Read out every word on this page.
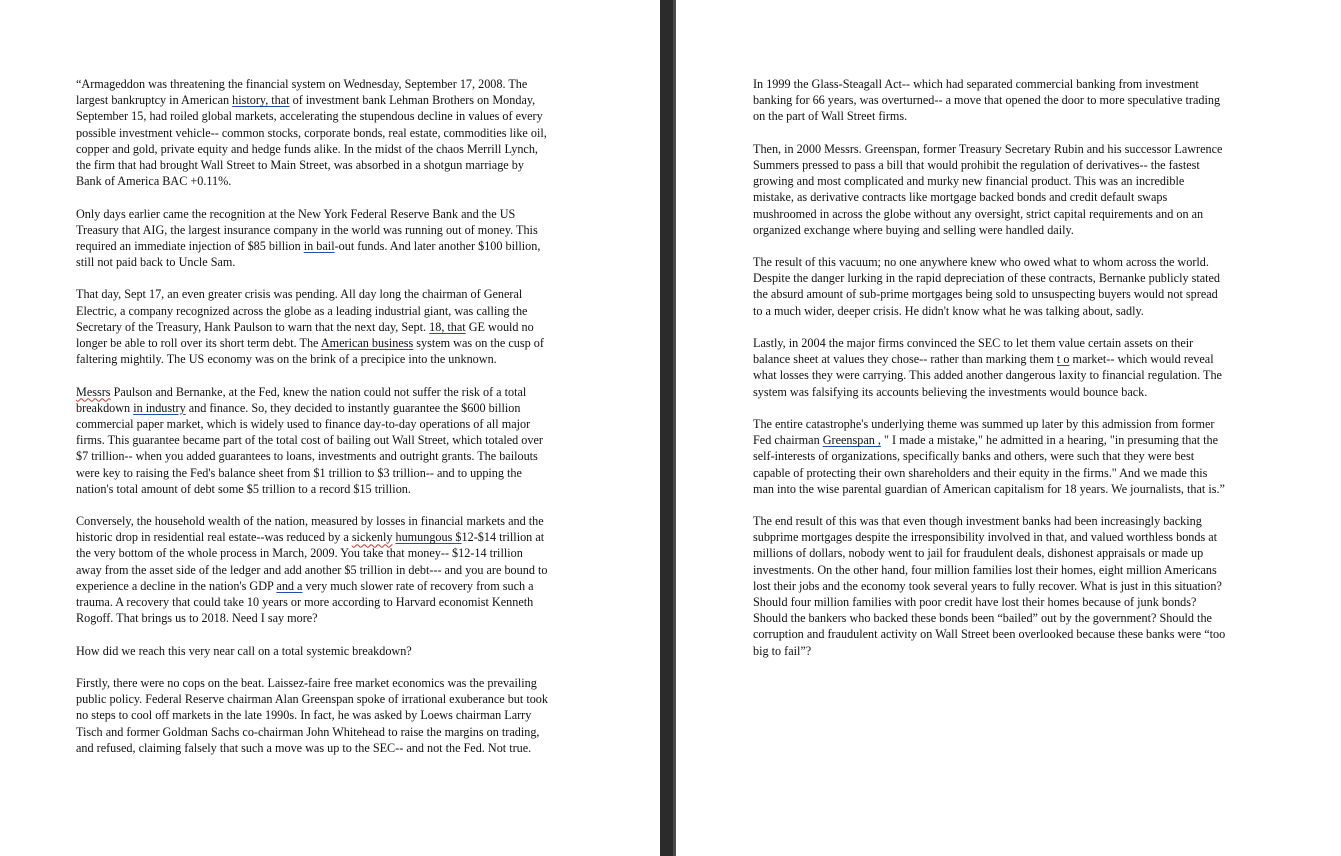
“Armageddon was threatening the financial system on Wednesday, September 17, 2008. The
largest bankruptcy in American history, that of investment bank Lehman Brothers on Monday,
September 15, had roiled global markets, accelerating the stupendous decline in values of every
possible investment vehicle-- common stocks, corporate bonds, real estate, commodities like oil,
copper and gold, private equity and hedge funds alike. In the midst of the chaos Merrill Lynch,
the firm that had brought Wall Street to Main Street, was absorbed in a shotgun marriage by
Bank of America BAC +0.11%.
Only days earlier came the recognition at the New York Federal Reserve Bank and the US
Treasury that AIG, the largest insurance company in the world was running out of money. This
required an immediate injection of $85 billion in bail-out funds. And later another $100 billion,
still not paid back to Uncle Sam.
That day, Sept 17, an even greater crisis was pending. All day long the chairman of General
Electric, a company recognized across the globe as a leading industrial giant, was calling the
Secretary of the Treasury, Hank Paulson to warn that the next day, Sept. 18, that GE would no
longer be able to roll over its short term debt. The American business system was on the cusp of
faltering mightily. The US economy was on the brink of a precipice into the unknown.
Messrs Paulson and Bernanke, at the Fed, knew the nation could not suffer the risk of a total
breakdown in industry and finance. So, they decided to instantly guarantee the $600 billion
commercial paper market, which is widely used to finance day-to-day operations of all major
firms. This guarantee became part of the total cost of bailing out Wall Street, which totaled over
$7 trillion-- when you added guarantees to loans, investments and outright grants. The bailouts
were key to raising the Fed's balance sheet from $1 trillion to $3 trillion-- and to upping the
nation's total amount of debt some $5 trillion to a record $15 trillion.
Conversely, the household wealth of the nation, measured by losses in financial markets and the
historic drop in residential real estate--was reduced by a sickenly humungous $12-$14 trillion at
the very bottom of the whole process in March, 2009. You take that money-- $12-14 trillion
away from the asset side of the ledger and add another $5 trillion in debt--- and you are bound to
experience a decline in the nation's GDP and a very much slower rate of recovery from such a
trauma. A recovery that could take 10 years or more according to Harvard economist Kenneth
Rogoff. That brings us to 2018. Need I say more?
How did we reach this very near call on a total systemic breakdown?
Firstly, there were no cops on the beat. Laissez-faire free market economics was the prevailing
public policy. Federal Reserve chairman Alan Greenspan spoke of irrational exuberance but took
no steps to cool off markets in the late 1990s. In fact, he was asked by Loews chairman Larry
Tisch and former Goldman Sachs co-chairman John Whitehead to raise the margins on trading,
and refused, claiming falsely that such a move was up to the SEC-- and not the Fed. Not true.
In 1999 the Glass-Steagall Act-- which had separated commercial banking from investment
banking for 66 years, was overturned-- a move that opened the door to more speculative trading
on the part of Wall Street firms.
Then, in 2000 Messrs. Greenspan, former Treasury Secretary Rubin and his successor Lawrence
Summers pressed to pass a bill that would prohibit the regulation of derivatives-- the fastest
growing and most complicated and murky new financial product. This was an incredible
mistake, as derivative contracts like mortgage backed bonds and credit default swaps
mushroomed in across the globe without any oversight, strict capital requirements and on an
organized exchange where buying and selling were handled daily.
The result of this vacuum; no one anywhere knew who owed what to whom across the world.
Despite the danger lurking in the rapid depreciation of these contracts, Bernanke publicly stated
the absurd amount of sub-prime mortgages being sold to unsuspecting buyers would not spread
to a much wider, deeper crisis. He didn't know what he was talking about, sadly.
Lastly, in 2004 the major firms convinced the SEC to let them value certain assets on their
balance sheet at values they chose-- rather than marking them t o market-- which would reveal
what losses they were carrying. This added another dangerous laxity to financial regulation. The
system was falsifying its accounts believing the investments would bounce back.
The entire catastrophe's underlying theme was summed up later by this admission from former
Fed chairman Greenspan , " I made a mistake," he admitted in a hearing, "in presuming that the
self-interests of organizations, specifically banks and others, were such that they were best
capable of protecting their own shareholders and their equity in the firms." And we made this
man into the wise parental guardian of American capitalism for 18 years. We journalists, that is.”
The end result of this was that even though investment banks had been increasingly backing
subprime mortgages despite the irresponsibility involved in that, and valued worthless bonds at
millions of dollars, nobody went to jail for fraudulent deals, dishonest appraisals or made up
investments. On the other hand, four million families lost their homes, eight million Americans
lost their jobs and the economy took several years to fully recover. What is just in this situation?
Should four million families with poor credit have lost their homes because of junk bonds?
Should the bankers who backed these bonds been “bailed” out by the government? Should the
corruption and fraudulent activity on Wall Street been overlooked because these banks were “too
big to fail”?
